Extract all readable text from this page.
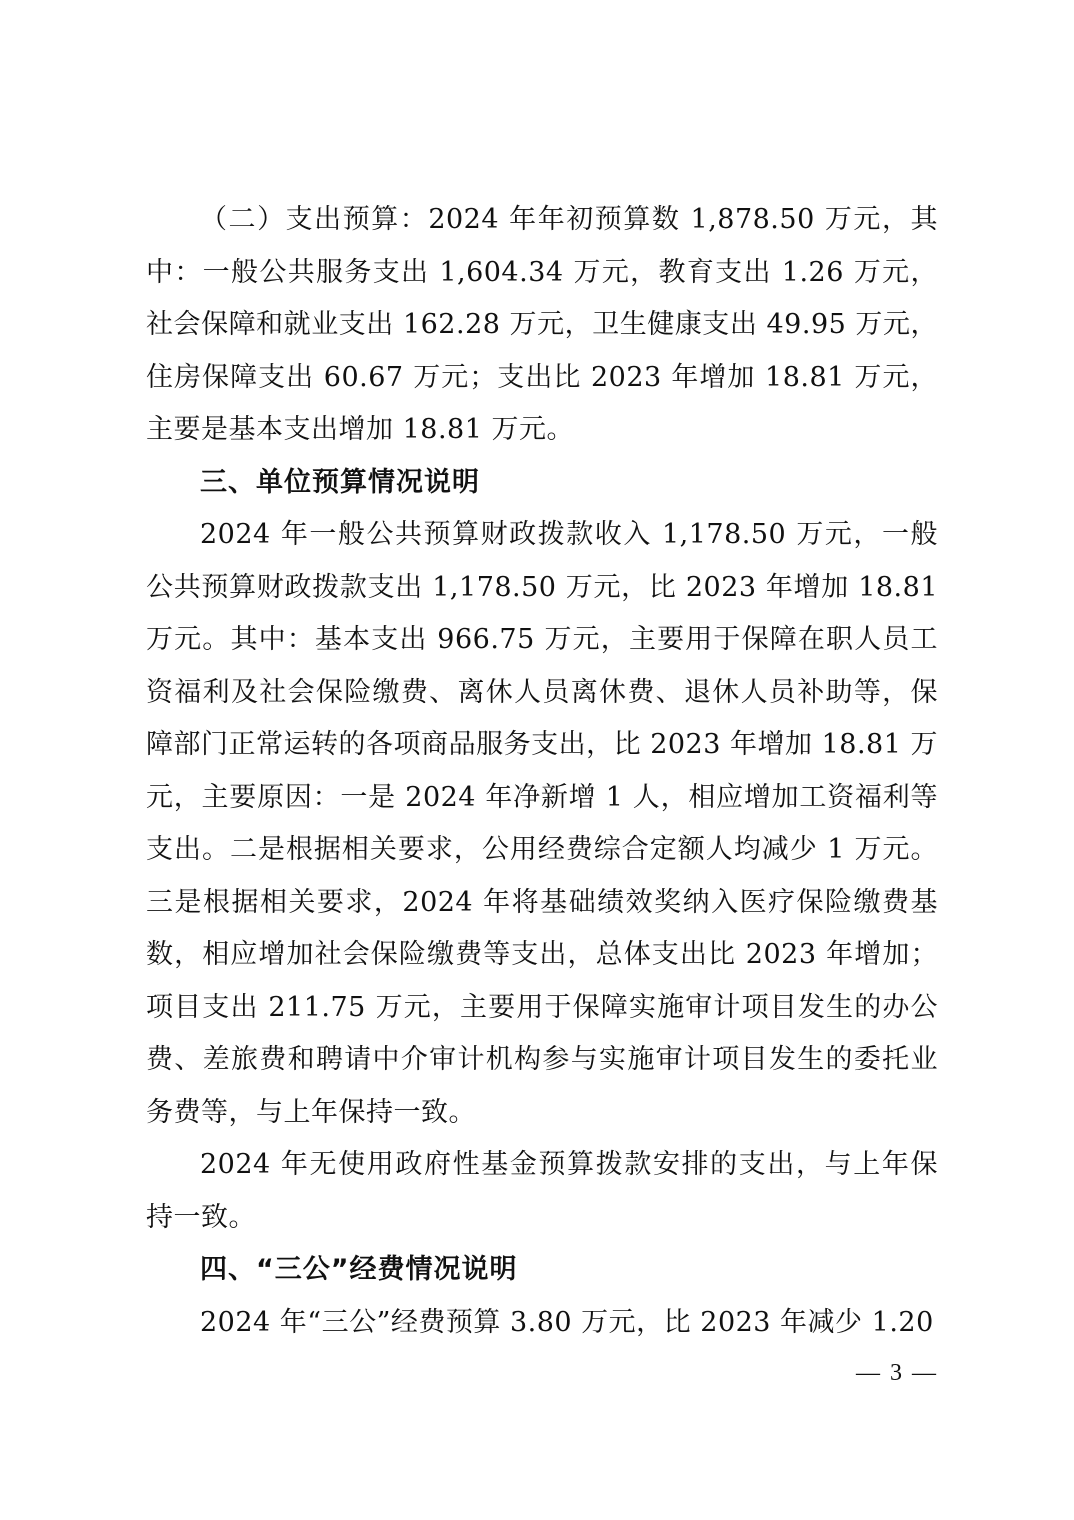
（二）支出预算：2024 年年初预算数 1,878.50 万元，其中：一般公共服务支出 1,604.34 万元，教育支出 1.26 万元，社会保障和就业支出 162.28 万元，卫生健康支出 49.95 万元，住房保障支出 60.67 万元；支出比 2023 年增加 18.81 万元，主要是基本支出增加 18.81 万元。

三、单位预算情况说明

2024 年一般公共预算财政拨款收入 1,178.50 万元，一般公共预算财政拨款支出 1,178.50 万元，比 2023 年增加 18.81 万元。其中：基本支出 966.75 万元，主要用于保障在职人员工资福利及社会保险缴费、离休人员离休费、退休人员补助等，保障部门正常运转的各项商品服务支出，比 2023 年增加 18.81 万元，主要原因：一是 2024 年净新增 1 人，相应增加工资福利等支出。二是根据相关要求，公用经费综合定额人均减少 1 万元。三是根据相关要求，2024 年将基础绩效奖纳入医疗保险缴费基数，相应增加社会保险缴费等支出，总体支出比 2023 年增加；项目支出 211.75 万元，主要用于保障实施审计项目发生的办公费、差旅费和聘请中介审计机构参与实施审计项目发生的委托业务费等，与上年保持一致。

2024 年无使用政府性基金预算拨款安排的支出，与上年保持一致。

四、“三公”经费情况说明

2024 年“三公”经费预算 3.80 万元，比 2023 年减少 1.20

— 3 —
